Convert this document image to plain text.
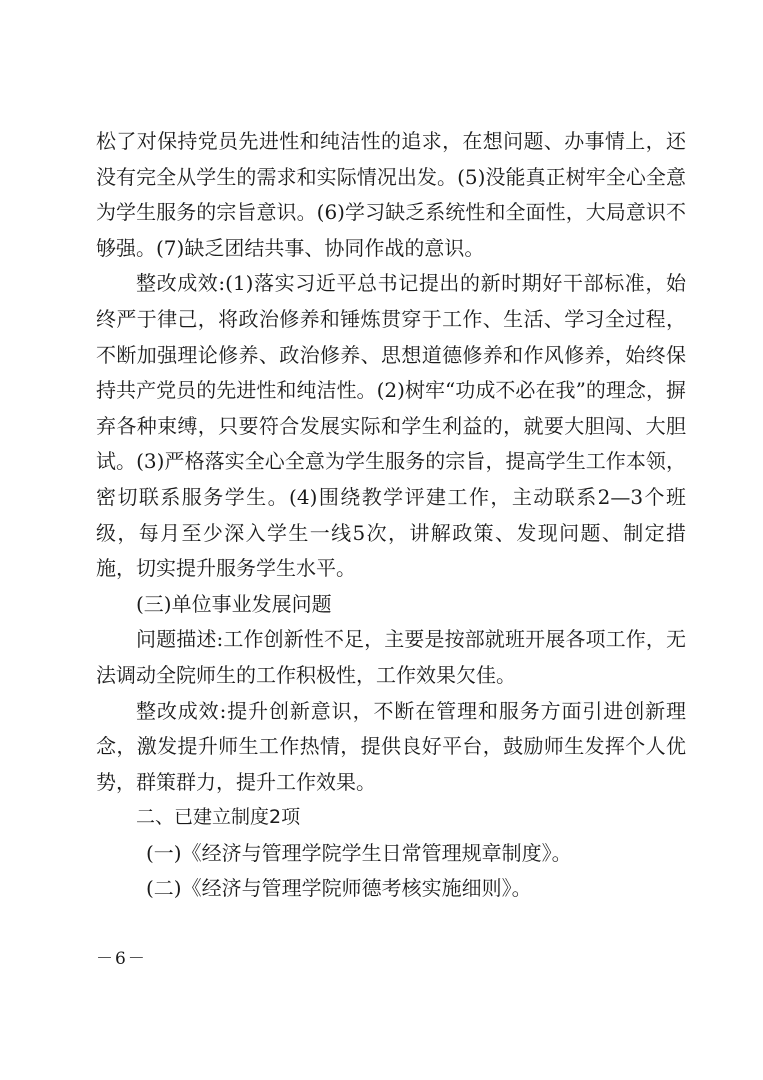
松了对保持党员先进性和纯洁性的追求，在想问题、办事情上，还没有完全从学生的需求和实际情况出发。(5)没能真正树牢全心全意为学生服务的宗旨意识。(6)学习缺乏系统性和全面性，大局意识不够强。(7)缺乏团结共事、协同作战的意识。

整改成效:(1)落实习近平总书记提出的新时期好干部标准，始终严于律己，将政治修养和锤炼贯穿于工作、生活、学习全过程，不断加强理论修养、政治修养、思想道德修养和作风修养，始终保持共产党员的先进性和纯洁性。(2)树牢“功成不必在我”的理念，摒弃各种束缚，只要符合发展实际和学生利益的，就要大胆闯、大胆试。(3)严格落实全心全意为学生服务的宗旨，提高学生工作本领，密切联系服务学生。(4)围绕教学评建工作，主动联系2—3个班级，每月至少深入学生一线5次，讲解政策、发现问题、制定措施，切实提升服务学生水平。

(三)单位事业发展问题

问题描述:工作创新性不足，主要是按部就班开展各项工作，无法调动全院师生的工作积极性，工作效果欠佳。

整改成效:提升创新意识，不断在管理和服务方面引进创新理念，激发提升师生工作热情，提供良好平台，鼓励师生发挥个人优势，群策群力，提升工作效果。

二、已建立制度2项

(一)《经济与管理学院学生日常管理规章制度》。

(二)《经济与管理学院师德考核实施细则》。

－6－
